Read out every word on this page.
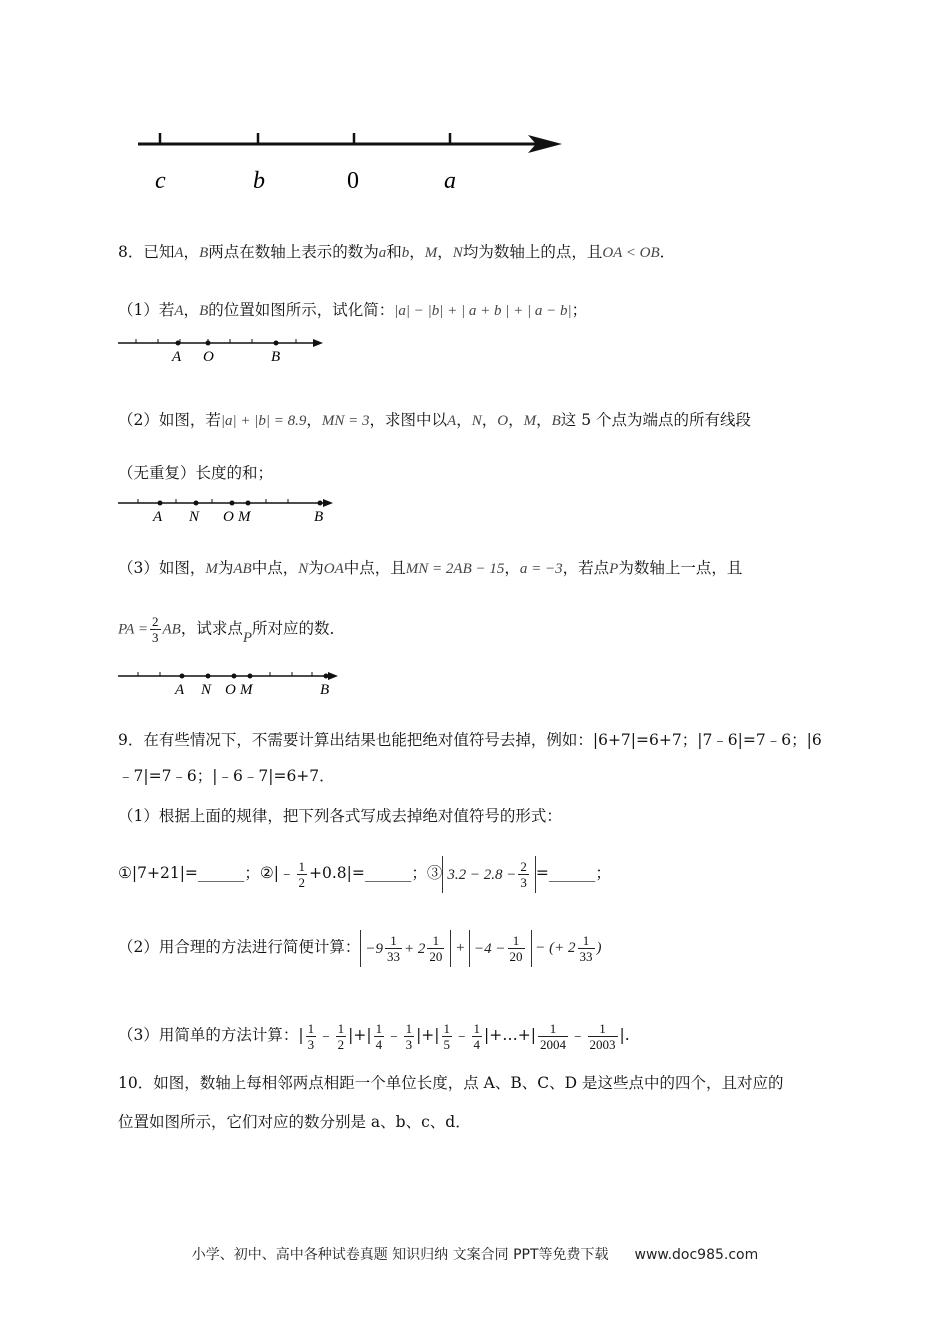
c	b	0	a
8．已知A，B两点在数轴上表示的数为a和b，M，N均为数轴上的点，且OA < OB．
（1）若A，B的位置如图所示，试化简：|a| − |b| + | a + b | + | a − b|；
A O	B
（2）如图，若|a| + |b| = 8.9，MN = 3，求图中以A，N，O，M，B这 5 个点为端点的所有线段
（无重复）长度的和；
A N O M	B
（3）如图，M为AB中点，N为OA中点，且MN = 2AB − 15，a = −3，若点P为数轴上一点，且
PA = $\frac{2}{3}$ AB，试求点P所对应的数．
A N O M	B
9．在有些情况下，不需要计算出结果也能把绝对值符号去掉，例如：|6+7|=6+7；|7﹣6|=7﹣6；|6
﹣7|=7﹣6；|﹣6﹣7|=6+7．
（1）根据上面的规律，把下列各式写成去掉绝对值符号的形式：
①|7+21|=______；②|﹣ $\frac{1}{2}$ +0.8|=______；③ $3.2 - 2.8 - \frac{2}{3}$ =______；
（2）用合理的方法进行简便计算： $-9 \frac{1}{33} + 2 \frac{1}{20} + -4 - \frac{1}{20}$ − (+ $2 \frac{1}{33}$ )
（3）用简单的方法计算：| $\frac{1}{3}$ ﹣ $\frac{1}{2}$ |+| $\frac{1}{4}$ ﹣ $\frac{1}{3}$ |+| $\frac{1}{5}$ ﹣ $\frac{1}{4}$ |+…+| $\frac{1}{2004}$ ﹣ $\frac{1}{2003}$ |.
10．如图，数轴上每相邻两点相距一个单位长度，点 A、B、C、D 是这些点中的四个，且对应的
位置如图所示，它们对应的数分别是 a、b、c、d．
小学、初中、高中各种试卷真题 知识归纳 文案合同 PPT等免费下载 www.doc985.com
